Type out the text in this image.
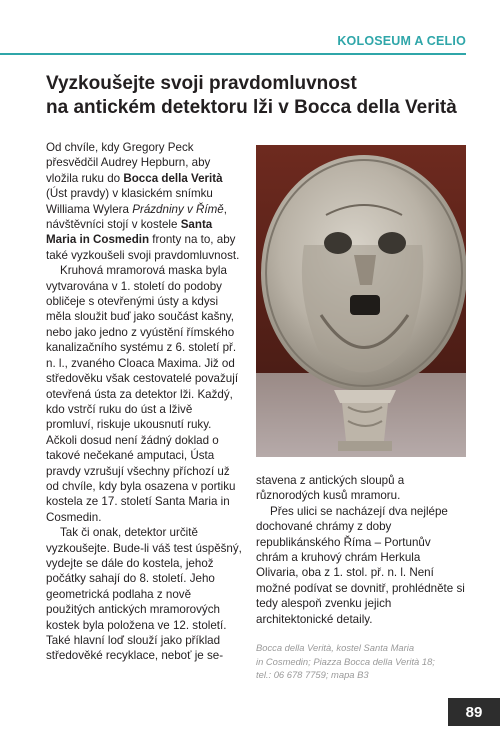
KOLOSEUM A CELIO
Vyzkoušejte svoji pravdomluvnost
na antickém detektoru lži v Bocca della Verità

Od chvíle, kdy Gregory Peck přesvědčil Audrey Hepburn, aby vložila ruku do Bocca della Verità (Úst pravdy) v klasickém snímku Williama Wylera Prázdniny v Římě, návštěvníci stojí v kostele Santa Maria in Cosmedin fronty na to, aby také vyzkoušeli svoji pravdomluvnost.

Kruhová mramorová maska byla vytvarována v 1. století do podoby obličeje s otevřenými ústy a kdysi měla sloužit buď jako součást kašny, nebo jako jedno z vyústění římského kanalizačního systému z 6. století př. n. l., zvaného Cloaca Maxima. Již od středověku však cestovatelé považují otevřená ústa za detektor lži. Každý, kdo vstrčí ruku do úst a lživě promluví, riskuje ukousnutí ruky. Ačkoli dosud není žádný doklad o takové nečekané amputaci, Ústa pravdy vzrušují všechny příchozí už od chvíle, kdy byla osazena v portiku kostela ze 17. století Santa Maria in Cosmedin.

Tak či onak, detektor určitě vyzkoušejte. Bude-li váš test úspěšný, vydejte se dále do kostela, jehož počátky sahají do 8. století. Jeho geometrická podlaha z nově použitých antických mramorových kostek byla položena ve 12. století. Také hlavní loď slouží jako příklad středověké recyklace, neboť je se-

stavena z antických sloupů a různorodých kusů mramoru.

Přes ulici se nacházejí dva nejlépe dochované chrámy z doby republikánského Říma – Portunův chrám a kruhový chrám Herkula Olivaria, oba z 1. stol. př. n. l. Není možné podívat se dovnitř, prohlédněte si tedy alespoň zvenku jejich architektonické detaily.

Bocca della Verità, kostel Santa Maria
in Cosmedin; Piazza Bocca della Verità 18;
tel.: 06 678 7759; mapa B3
89
